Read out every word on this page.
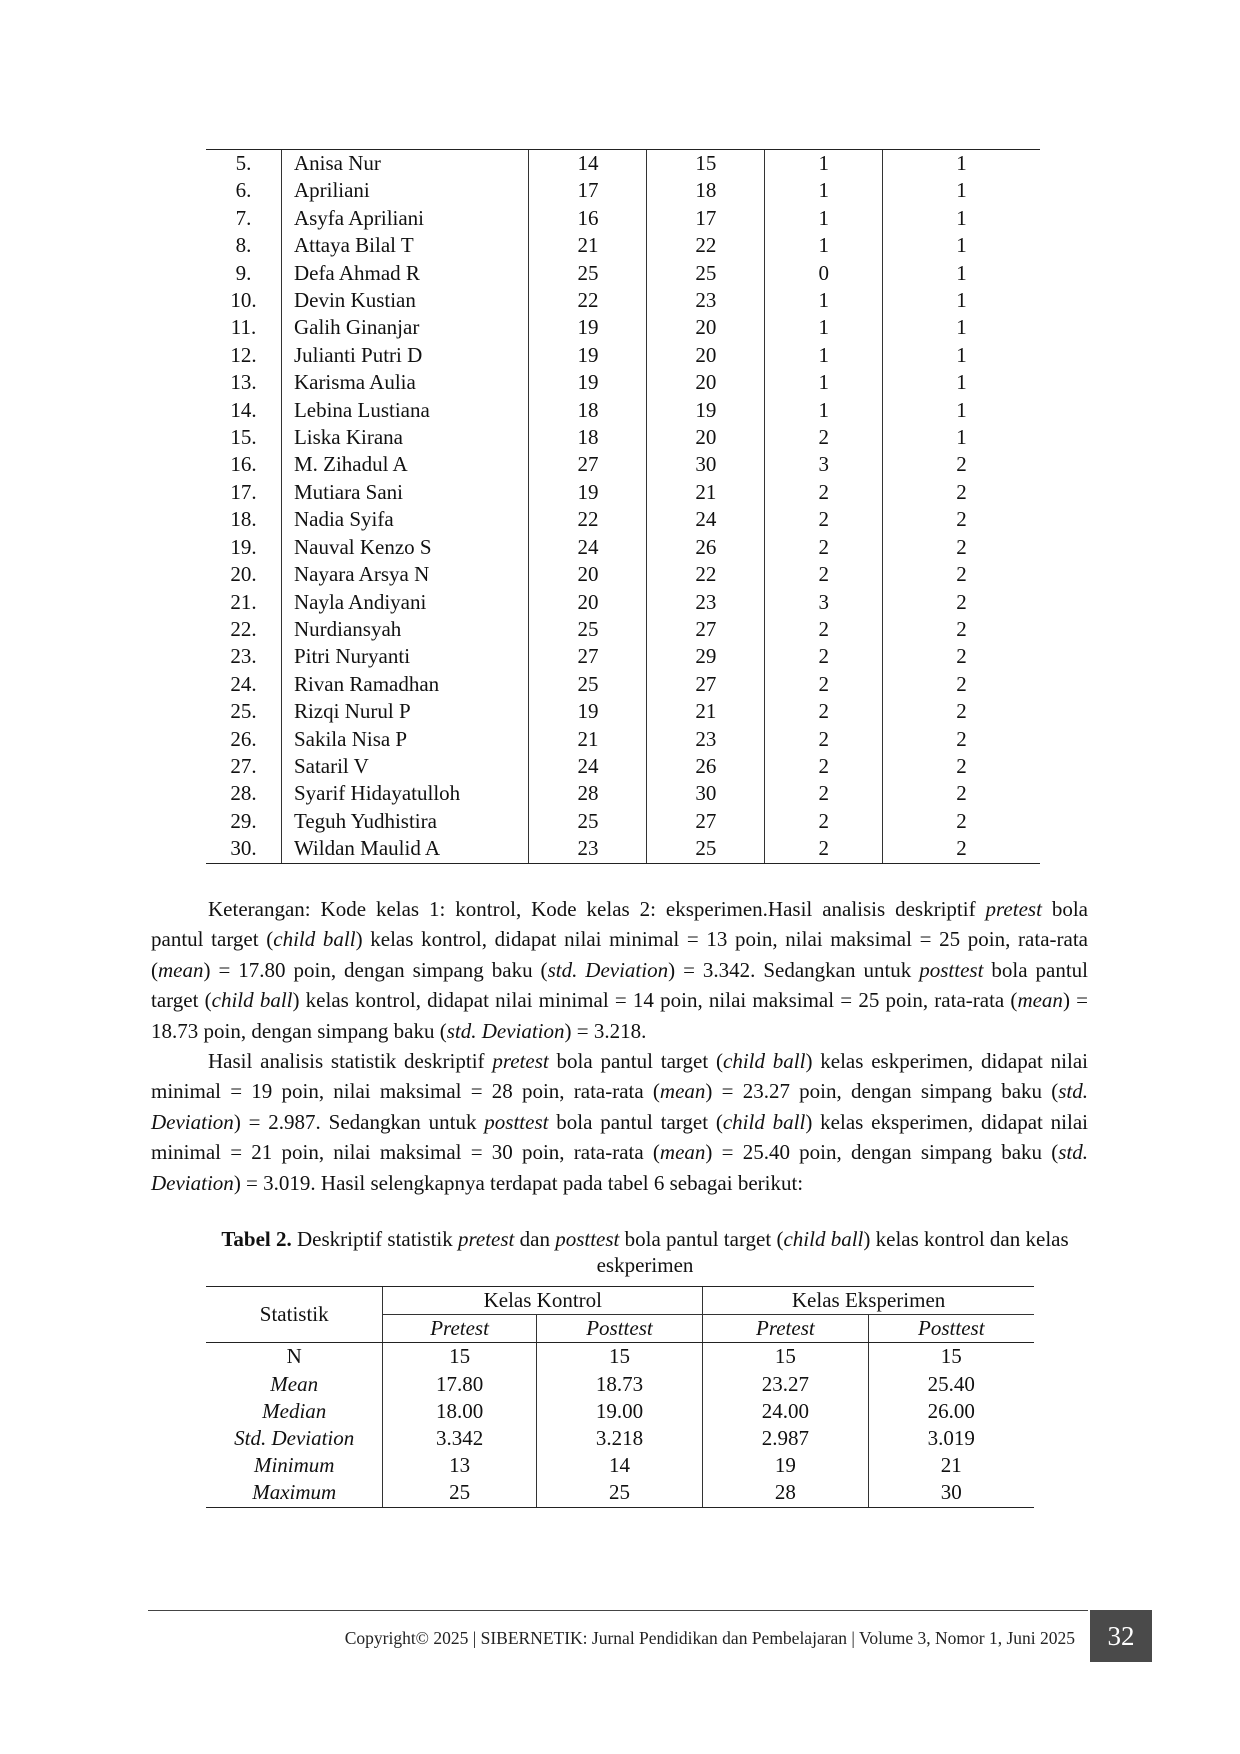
5.	Anisa Nur	14	15	1	1
6.	Apriliani	17	18	1	1
7.	Asyfa Apriliani	16	17	1	1
8.	Attaya Bilal T	21	22	1	1
9.	Defa Ahmad R	25	25	0	1
10.	Devin Kustian	22	23	1	1
11.	Galih Ginanjar	19	20	1	1
12.	Julianti Putri D	19	20	1	1
13.	Karisma Aulia	19	20	1	1
14.	Lebina Lustiana	18	19	1	1
15.	Liska Kirana	18	20	2	1
16.	M. Zihadul A	27	30	3	2
17.	Mutiara Sani	19	21	2	2
18.	Nadia Syifa	22	24	2	2
19.	Nauval Kenzo S	24	26	2	2
20.	Nayara Arsya N	20	22	2	2
21.	Nayla Andiyani	20	23	3	2
22.	Nurdiansyah	25	27	2	2
23.	Pitri Nuryanti	27	29	2	2
24.	Rivan Ramadhan	25	27	2	2
25.	Rizqi Nurul P	19	21	2	2
26.	Sakila Nisa P	21	23	2	2
27.	Sataril V	24	26	2	2
28.	Syarif Hidayatulloh	28	30	2	2
29.	Teguh Yudhistira	25	27	2	2
30.	Wildan Maulid A	23	25	2	2

Keterangan: Kode kelas 1: kontrol, Kode kelas 2: eksperimen.Hasil analisis deskriptif pretest bola pantul target (child ball) kelas kontrol, didapat nilai minimal = 13 poin, nilai maksimal = 25 poin, rata-rata (mean) = 17.80 poin, dengan simpang baku (std. Deviation) = 3.342. Sedangkan untuk posttest bola pantul target (child ball) kelas kontrol, didapat nilai minimal = 14 poin, nilai maksimal = 25 poin, rata-rata (mean) = 18.73 poin, dengan simpang baku (std. Deviation) = 3.218.

Hasil analisis statistik deskriptif pretest bola pantul target (child ball) kelas eskperimen, didapat nilai minimal = 19 poin, nilai maksimal = 28 poin, rata-rata (mean) = 23.27 poin, dengan simpang baku (std. Deviation) = 2.987. Sedangkan untuk posttest bola pantul target (child ball) kelas eksperimen, didapat nilai minimal = 21 poin, nilai maksimal = 30 poin, rata-rata (mean) = 25.40 poin, dengan simpang baku (std. Deviation) = 3.019. Hasil selengkapnya terdapat pada tabel 6 sebagai berikut:

Tabel 2. Deskriptif statistik pretest dan posttest bola pantul target (child ball) kelas kontrol dan kelas eskperimen
Statistik	Kelas Kontrol		Kelas Eksperimen	
	Pretest	Posttest	Pretest	Posttest
N	15	15	15	15
Mean	17.80	18.73	23.27	25.40
Median	18.00	19.00	24.00	26.00
Std. Deviation	3.342	3.218	2.987	3.019
Minimum	13	14	19	21
Maximum	25	25	28	30
Copyright© 2025 | SIBERNETIK: Jurnal Pendidikan dan Pembelajaran | Volume 3, Nomor 1, Juni 2025	32
